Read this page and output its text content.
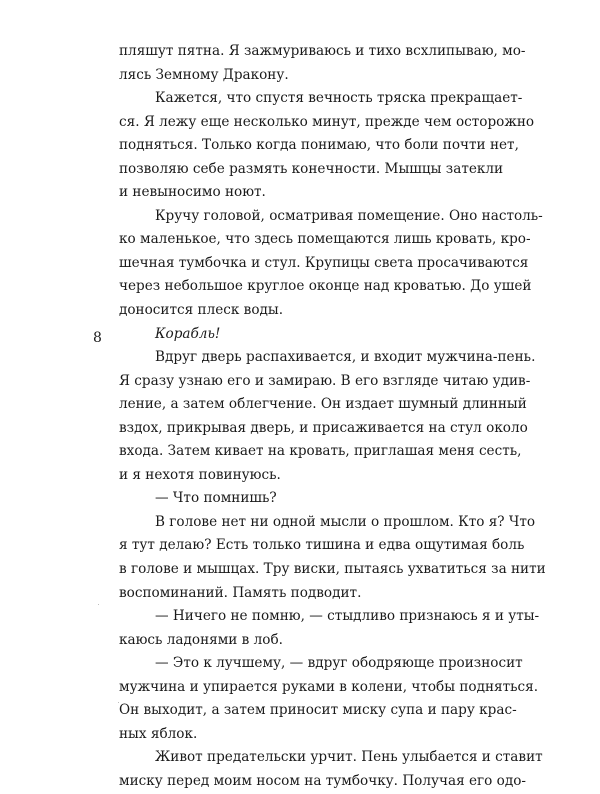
8
пляшут пятна. Я зажмуриваюсь и тихо всхлипываю, мо-
лясь Земному Дракону.
Кажется, что спустя вечность тряска прекращает-
ся. Я лежу еще несколько минут, прежде чем осторожно
подняться. Только когда понимаю, что боли почти нет,
позволяю себе размять конечности. Мышцы затекли
и невыносимо ноют.
Кручу головой, осматривая помещение. Оно настоль-
ко маленькое, что здесь помещаются лишь кровать, кро-
шечная тумбочка и стул. Крупицы света просачиваются
через небольшое круглое оконце над кроватью. До ушей
доносится плеск воды.
Корабль!
Вдруг дверь распахивается, и входит мужчина-пень.
Я сразу узнаю его и замираю. В его взгляде читаю удив-
ление, а затем облегчение. Он издает шумный длинный
вздох, прикрывая дверь, и присаживается на стул около
входа. Затем кивает на кровать, приглашая меня сесть,
и я нехотя повинуюсь.
— Что помнишь?
В голове нет ни одной мысли о прошлом. Кто я? Что
я тут делаю? Есть только тишина и едва ощутимая боль
в голове и мышцах. Тру виски, пытаясь ухватиться за нити
воспоминаний. Память подводит.
— Ничего не помню, — стыдливо признаюсь я и уты-
каюсь ладонями в лоб.
— Это к лучшему, — вдруг ободряюще произносит
мужчина и упирается руками в колени, чтобы подняться.
Он выходит, а затем приносит миску супа и пару крас-
ных яблок.
Живот предательски урчит. Пень улыбается и ставит
миску перед моим носом на тумбочку. Получая его одо-
